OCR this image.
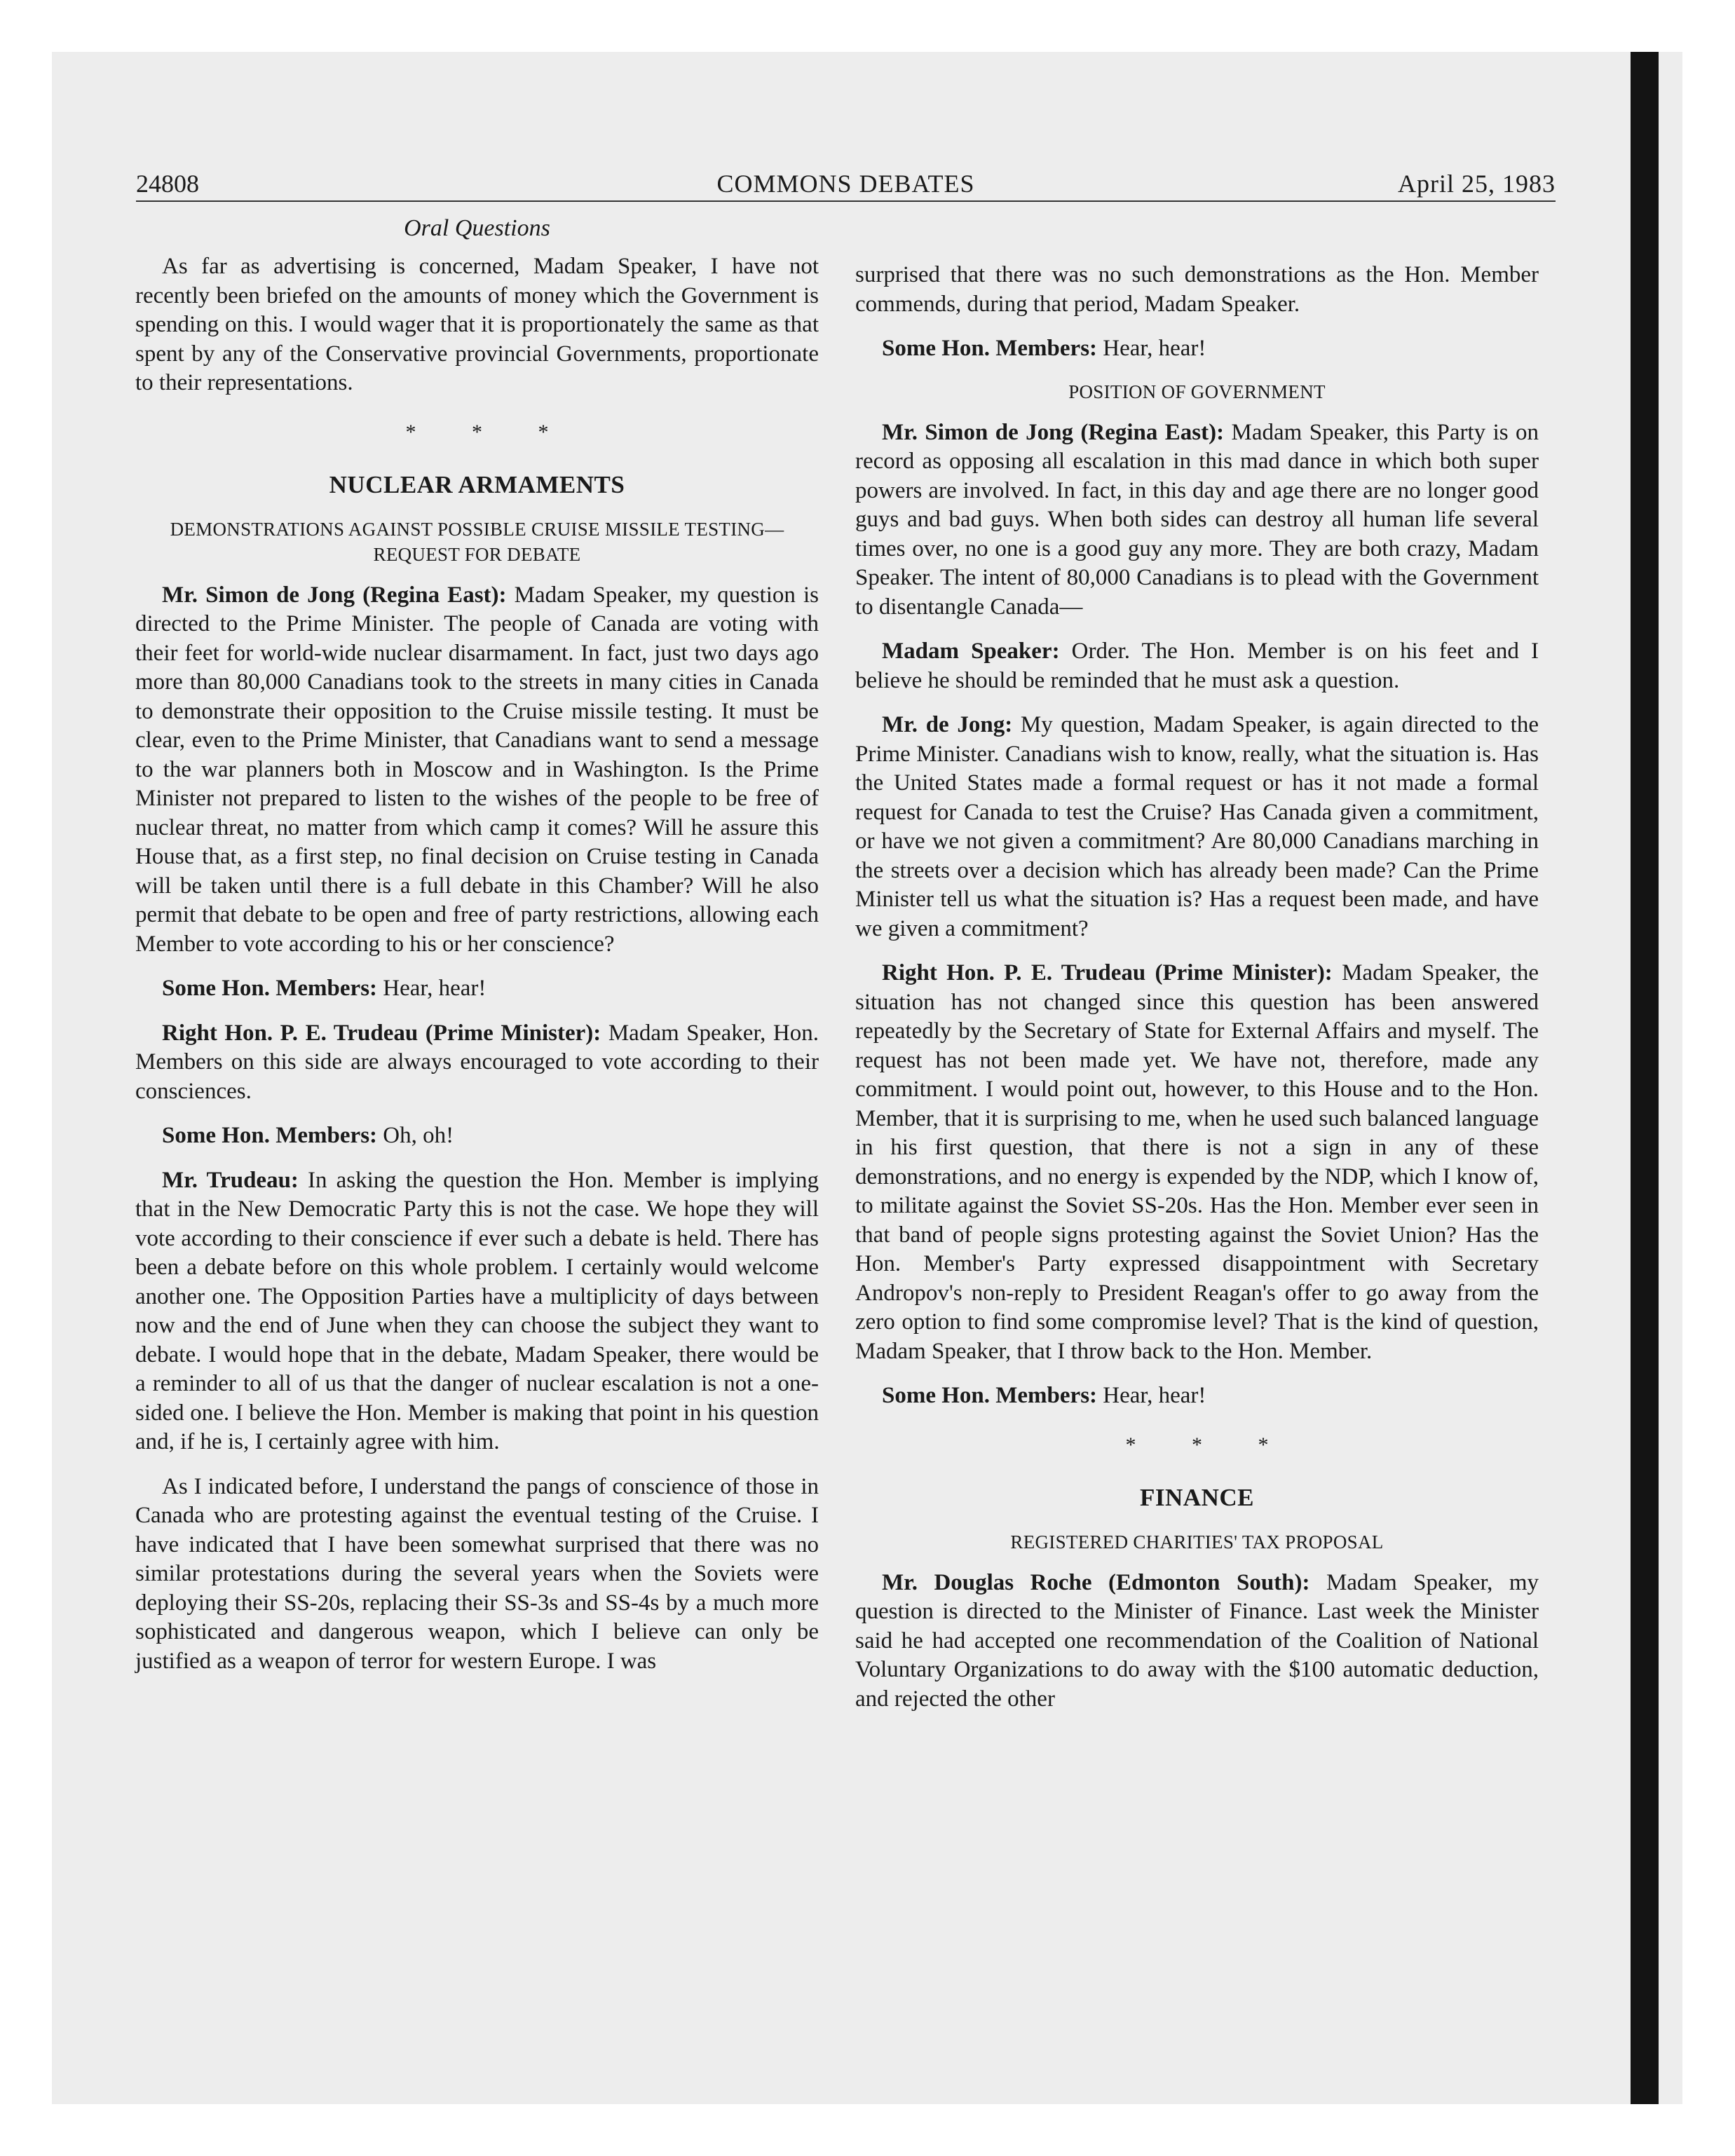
24808	COMMONS DEBATES	April 25, 1983
Oral Questions

As far as advertising is concerned, Madam Speaker, I have not recently been briefed on the amounts of money which the Government is spending on this. I would wager that it is proportionately the same as that spent by any of the Conservative provincial Governments, proportionate to their representations.

* * *
NUCLEAR ARMAMENTS
DEMONSTRATIONS AGAINST POSSIBLE CRUISE MISSILE TESTING—REQUEST FOR DEBATE

Mr. Simon de Jong (Regina East): Madam Speaker, my question is directed to the Prime Minister. The people of Canada are voting with their feet for world-wide nuclear disarmament. In fact, just two days ago more than 80,000 Canadians took to the streets in many cities in Canada to demonstrate their opposition to the Cruise missile testing. It must be clear, even to the Prime Minister, that Canadians want to send a message to the war planners both in Moscow and in Washington. Is the Prime Minister not prepared to listen to the wishes of the people to be free of nuclear threat, no matter from which camp it comes? Will he assure this House that, as a first step, no final decision on Cruise testing in Canada will be taken until there is a full debate in this Chamber? Will he also permit that debate to be open and free of party restrictions, allowing each Member to vote according to his or her conscience?

Some Hon. Members: Hear, hear!

Right Hon. P. E. Trudeau (Prime Minister): Madam Speaker, Hon. Members on this side are always encouraged to vote according to their consciences.

Some Hon. Members: Oh, oh!

Mr. Trudeau: In asking the question the Hon. Member is implying that in the New Democratic Party this is not the case. We hope they will vote according to their conscience if ever such a debate is held. There has been a debate before on this whole problem. I certainly would welcome another one. The Opposition Parties have a multiplicity of days between now and the end of June when they can choose the subject they want to debate. I would hope that in the debate, Madam Speaker, there would be a reminder to all of us that the danger of nuclear escalation is not a one-sided one. I believe the Hon. Member is making that point in his question and, if he is, I certainly agree with him.

As I indicated before, I understand the pangs of conscience of those in Canada who are protesting against the eventual testing of the Cruise. I have indicated that I have been somewhat surprised that there was no similar protestations during the several years when the Soviets were deploying their SS-20s, replacing their SS-3s and SS-4s by a much more sophisticated and dangerous weapon, which I believe can only be justified as a weapon of terror for western Europe. I was

surprised that there was no such demonstrations as the Hon. Member commends, during that period, Madam Speaker.

Some Hon. Members: Hear, hear!

POSITION OF GOVERNMENT

Mr. Simon de Jong (Regina East): Madam Speaker, this Party is on record as opposing all escalation in this mad dance in which both super powers are involved. In fact, in this day and age there are no longer good guys and bad guys. When both sides can destroy all human life several times over, no one is a good guy any more. They are both crazy, Madam Speaker. The intent of 80,000 Canadians is to plead with the Government to disentangle Canada—

Madam Speaker: Order. The Hon. Member is on his feet and I believe he should be reminded that he must ask a question.

Mr. de Jong: My question, Madam Speaker, is again directed to the Prime Minister. Canadians wish to know, really, what the situation is. Has the United States made a formal request or has it not made a formal request for Canada to test the Cruise? Has Canada given a commitment, or have we not given a commitment? Are 80,000 Canadians marching in the streets over a decision which has already been made? Can the Prime Minister tell us what the situation is? Has a request been made, and have we given a commitment?

Right Hon. P. E. Trudeau (Prime Minister): Madam Speaker, the situation has not changed since this question has been answered repeatedly by the Secretary of State for External Affairs and myself. The request has not been made yet. We have not, therefore, made any commitment. I would point out, however, to this House and to the Hon. Member, that it is surprising to me, when he used such balanced language in his first question, that there is not a sign in any of these demonstrations, and no energy is expended by the NDP, which I know of, to militate against the Soviet SS-20s. Has the Hon. Member ever seen in that band of people signs protesting against the Soviet Union? Has the Hon. Member's Party expressed disappointment with Secretary Andropov's non-reply to President Reagan's offer to go away from the zero option to find some compromise level? That is the kind of question, Madam Speaker, that I throw back to the Hon. Member.

Some Hon. Members: Hear, hear!

* * *
FINANCE
REGISTERED CHARITIES' TAX PROPOSAL

Mr. Douglas Roche (Edmonton South): Madam Speaker, my question is directed to the Minister of Finance. Last week the Minister said he had accepted one recommendation of the Coalition of National Voluntary Organizations to do away with the $100 automatic deduction, and rejected the other
